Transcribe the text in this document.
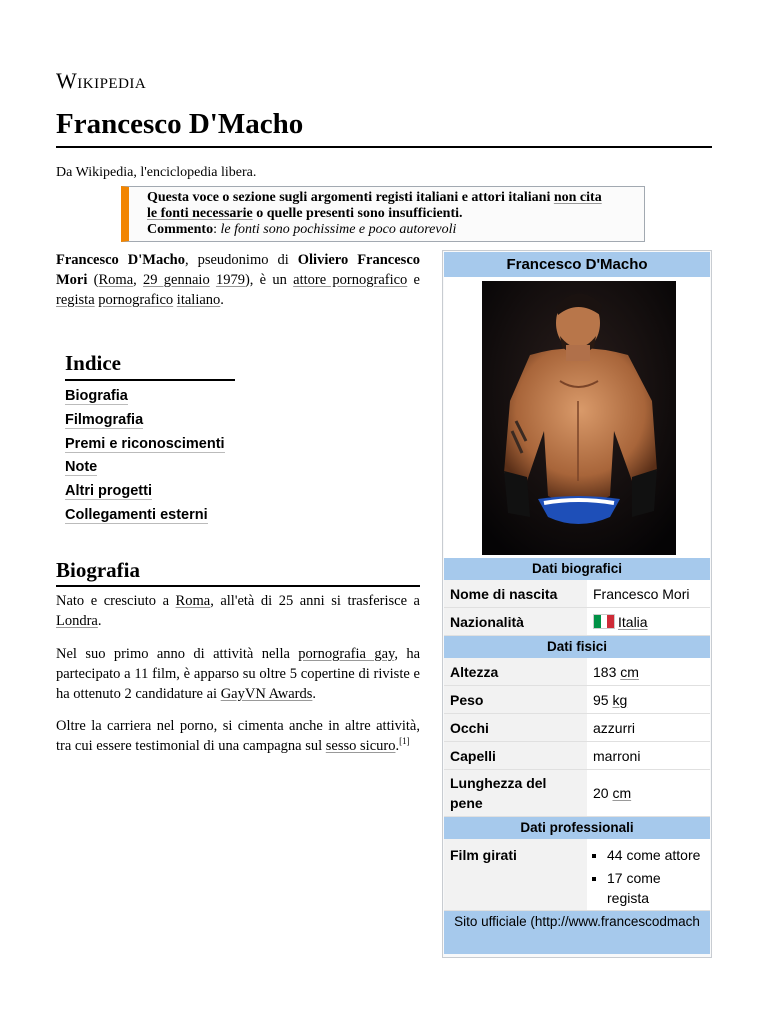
Wikipedia
Francesco D'Macho
Da Wikipedia, l'enciclopedia libera.
Questa voce o sezione sugli argomenti registi italiani e attori italiani non cita
le fonti necessarie o quelle presenti sono insufficienti.
Commento: le fonti sono pochissime e poco autorevoli
Francesco D'Macho, pseudonimo di Oliviero Francesco Mori (Roma, 29 gennaio 1979), è un attore pornografico e regista pornografico italiano.
Indice
Biografia
Filmografia
Premi e riconoscimenti
Note
Altri progetti
Collegamenti esterni
Biografia
Nato e cresciuto a Roma, all'età di 25 anni si trasferisce a Londra.
Nel suo primo anno di attività nella pornografia gay, ha partecipato a 11 film, è apparso su oltre 5 copertine di riviste e ha ottenuto 2 candidature ai GayVN Awards.
Oltre la carriera nel porno, si cimenta anche in altre attività, tra cui essere testimonial di una campagna sul sesso sicuro.[1]
Francesco D'Macho
Dati biografici
Nome di nascita	Francesco Mori
Nazionalità	Italia
Dati fisici
Altezza	183
cm
Peso	95
kg
Occhi	azzurri
Capelli	marroni
Lunghezza del pene
20
cm
Dati professionali
Film girati
▪	44 come attore
▪ 17 come regista
Sito ufficiale (http://www.francescodmach
